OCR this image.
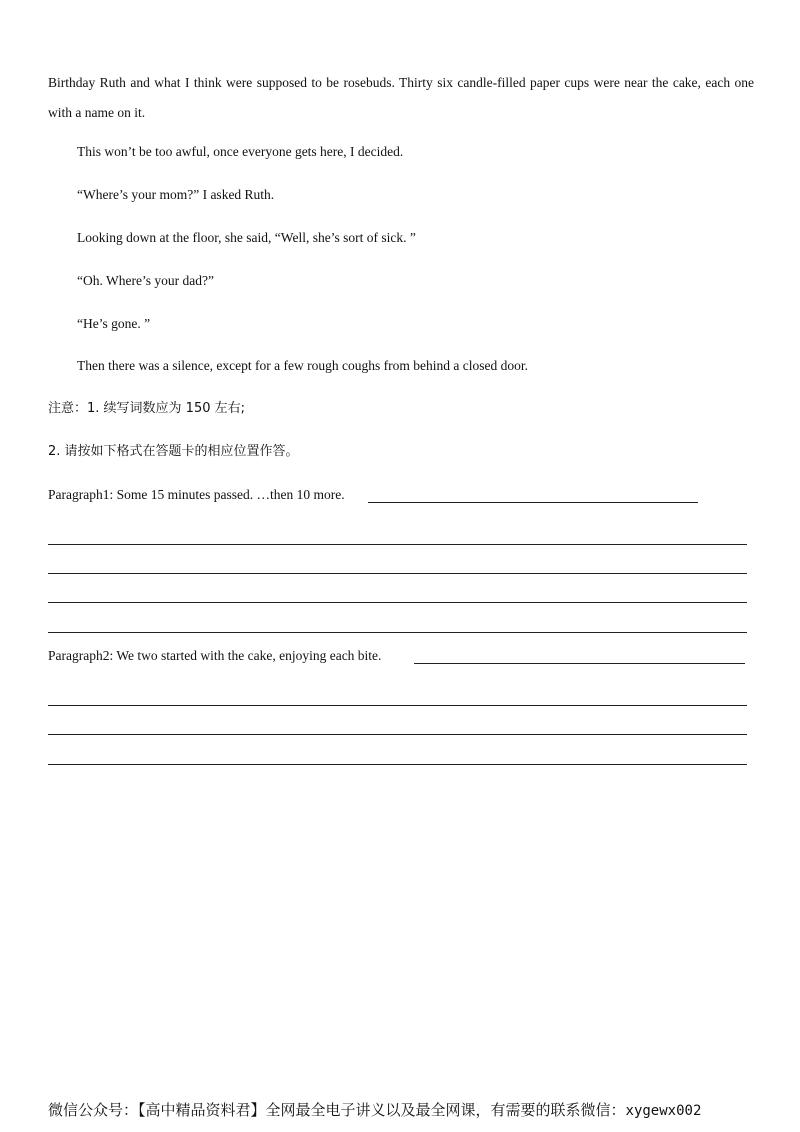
Birthday Ruth and what I think were supposed to be rosebuds. Thirty six candle-filled paper cups were near the cake, each one with a name on it.
This won’t be too awful, once everyone gets here, I decided.
“Where’s your mom?” I asked Ruth.
Looking down at the floor, she said, “Well, she’s sort of sick. ”
“Oh. Where’s your dad?”
“He’s gone. ”
Then there was a silence, except for a few rough coughs from behind a closed door.
注意：1. 续写词数应为 150 左右;
2. 请按如下格式在答题卡的相应位置作答。
Paragraph1: Some 15 minutes passed. …then 10 more.
Paragraph2: We two started with the cake, enjoying each bite.
微信公众号：【高中精品资料君】全网最全电子讲义以及最全网课，有需要的联系微信：xygewx002
